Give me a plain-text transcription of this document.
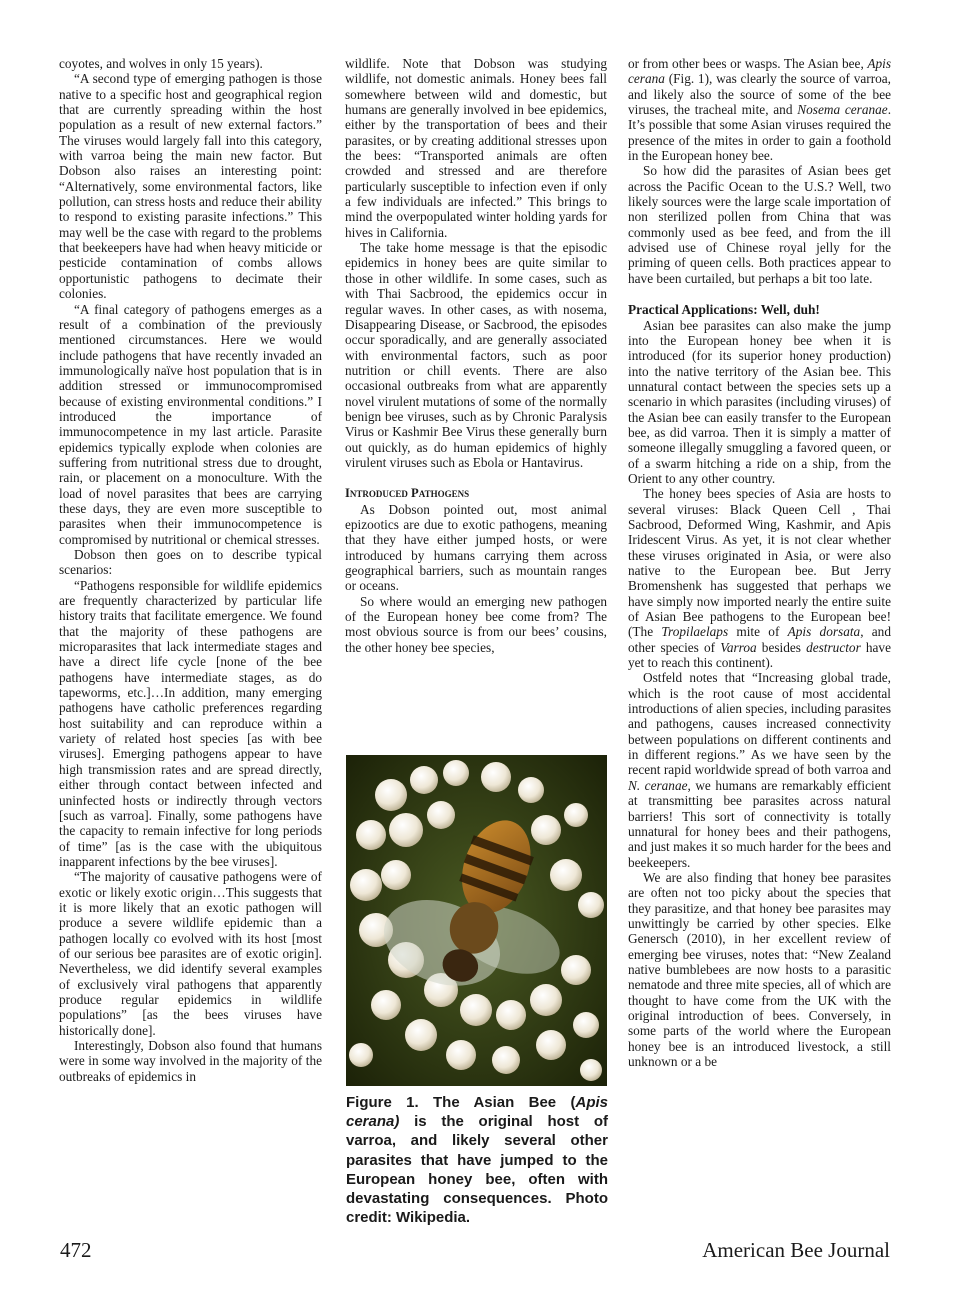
coyotes, and wolves in only 15 years).

“A second type of emerging pathogen is those native to a specific host and geographical region that are currently spreading within the host population as a result of new external factors.” The viruses would largely fall into this category, with varroa being the main new factor. But Dobson also raises an interesting point: “Alternatively, some environmental factors, like pollution, can stress hosts and reduce their ability to respond to existing parasite infections.” This may well be the case with regard to the problems that beekeepers have had when heavy miticide or pesticide contamination of combs allows opportunistic pathogens to decimate their colonies.

“A final category of pathogens emerges as a result of a combination of the previously mentioned circumstances. Here we would include pathogens that have recently invaded an immunologically naïve host population that is in addition stressed or immunocompromised because of existing environmental conditions.” I introduced the importance of immunocompetence in my last article. Parasite epidemics typically explode when colonies are suffering from nutritional stress due to drought, rain, or placement on a monoculture. With the load of novel parasites that bees are carrying these days, they are even more susceptible to parasites when their immunocompetence is compromised by nutritional or chemical stresses.

Dobson then goes on to describe typical scenarios:

“Pathogens responsible for wildlife epidemics are frequently characterized by particular life history traits that facilitate emergence. We found that the majority of these pathogens are microparasites that lack intermediate stages and have a direct life cycle [none of the bee pathogens have intermediate stages, as do tapeworms, etc.]…In addition, many emerging pathogens have catholic preferences regarding host suitability and can reproduce within a variety of related host species [as with bee viruses]. Emerging pathogens appear to have high transmission rates and are spread directly, either through contact between infected and uninfected hosts or indirectly through vectors [such as varroa]. Finally, some pathogens have the capacity to remain infective for long periods of time” [as is the case with the ubiquitous inapparent infections by the bee viruses].

“The majority of causative pathogens were of exotic or likely exotic origin…This suggests that it is more likely that an exotic pathogen will produce a severe wildlife epidemic than a pathogen locally co evolved with its host [most of our serious bee parasites are of exotic origin]. Nevertheless, we did identify several examples of exclusively viral pathogens that apparently produce regular epidemics in wildlife populations” [as the bees viruses have historically done].

Interestingly, Dobson also found that humans were in some way involved in the majority of the outbreaks of epidemics in

wildlife. Note that Dobson was studying wildlife, not domestic animals. Honey bees fall somewhere between wild and domestic, but humans are generally involved in bee epidemics, either by the transportation of bees and their parasites, or by creating additional stresses upon the bees: “Transported animals are often crowded and stressed and are therefore particularly susceptible to infection even if only a few individuals are infected.” This brings to mind the overpopulated winter holding yards for hives in California.

The take home message is that the episodic epidemics in honey bees are quite similar to those in other wildlife. In some cases, such as with Thai Sacbrood, the epidemics occur in regular waves. In other cases, as with nosema, Disappearing Disease, or Sacbrood, the episodes occur sporadically, and are generally associated with environmental factors, such as poor nutrition or chill events. There are also occasional outbreaks from what are apparently novel virulent mutations of some of the normally benign bee viruses, such as by Chronic Paralysis Virus or Kashmir Bee Virus these generally burn out quickly, as do human epidemics of highly virulent viruses such as Ebola or Hantavirus.

Introduced Pathogens

As Dobson pointed out, most animal epizootics are due to exotic pathogens, meaning that they have either jumped hosts, or were introduced by humans carrying them across geographical barriers, such as mountain ranges or oceans.

So where would an emerging new pathogen of the European honey bee come from? The most obvious source is from our bees’ cousins, the other honey bee species,

Figure 1. The Asian Bee (Apis cerana) is the original host of varroa, and likely several other parasites that have jumped to the European honey bee, often with devastating consequences. Photo credit: Wikipedia.

or from other bees or wasps. The Asian bee, Apis cerana (Fig. 1), was clearly the source of varroa, and likely also the source of some of the bee viruses, the tracheal mite, and Nosema ceranae. It’s possible that some Asian viruses required the presence of the mites in order to gain a foothold in the European honey bee.

So how did the parasites of Asian bees get across the Pacific Ocean to the U.S.? Well, two likely sources were the large scale importation of non sterilized pollen from China that was commonly used as bee feed, and from the ill advised use of Chinese royal jelly for the priming of queen cells. Both practices appear to have been curtailed, but perhaps a bit too late.

Practical Applications: Well, duh!

Asian bee parasites can also make the jump into the European honey bee when it is introduced (for its superior honey production) into the native territory of the Asian bee. This unnatural contact between the species sets up a scenario in which parasites (including viruses) of the Asian bee can easily transfer to the European bee, as did varroa. Then it is simply a matter of someone illegally smuggling a favored queen, or of a swarm hitching a ride on a ship, from the Orient to any other country.

The honey bees species of Asia are hosts to several viruses: Black Queen Cell , Thai Sacbrood, Deformed Wing, Kashmir, and Apis Iridescent Virus. As yet, it is not clear whether these viruses originated in Asia, or were also native to the European bee. But Jerry Bromenshenk has suggested that perhaps we have simply now imported nearly the entire suite of Asian Bee pathogens to the European bee! (The Tropilaelaps mite of Apis dorsata, and other species of Varroa besides destructor have yet to reach this continent).

Ostfeld notes that “Increasing global trade, which is the root cause of most accidental introductions of alien species, including parasites and pathogens, causes increased connectivity between populations on different continents and in different regions.” As we have seen by the recent rapid worldwide spread of both varroa and N. ceranae, we humans are remarkably efficient at transmitting bee parasites across natural barriers! This sort of connectivity is totally unnatural for honey bees and their pathogens, and just makes it so much harder for the bees and beekeepers.

We are also finding that honey bee parasites are often not too picky about the species that they parasitize, and that honey bee parasites may unwittingly be carried by other species. Elke Genersch (2010), in her excellent review of emerging bee viruses, notes that: “New Zealand native bumblebees are now hosts to a parasitic nematode and three mite species, all of which are thought to have come from the UK with the original introduction of bees. Conversely, in some parts of the world where the European honey bee is an introduced livestock, a still unknown or a be

472	American Bee Journal
